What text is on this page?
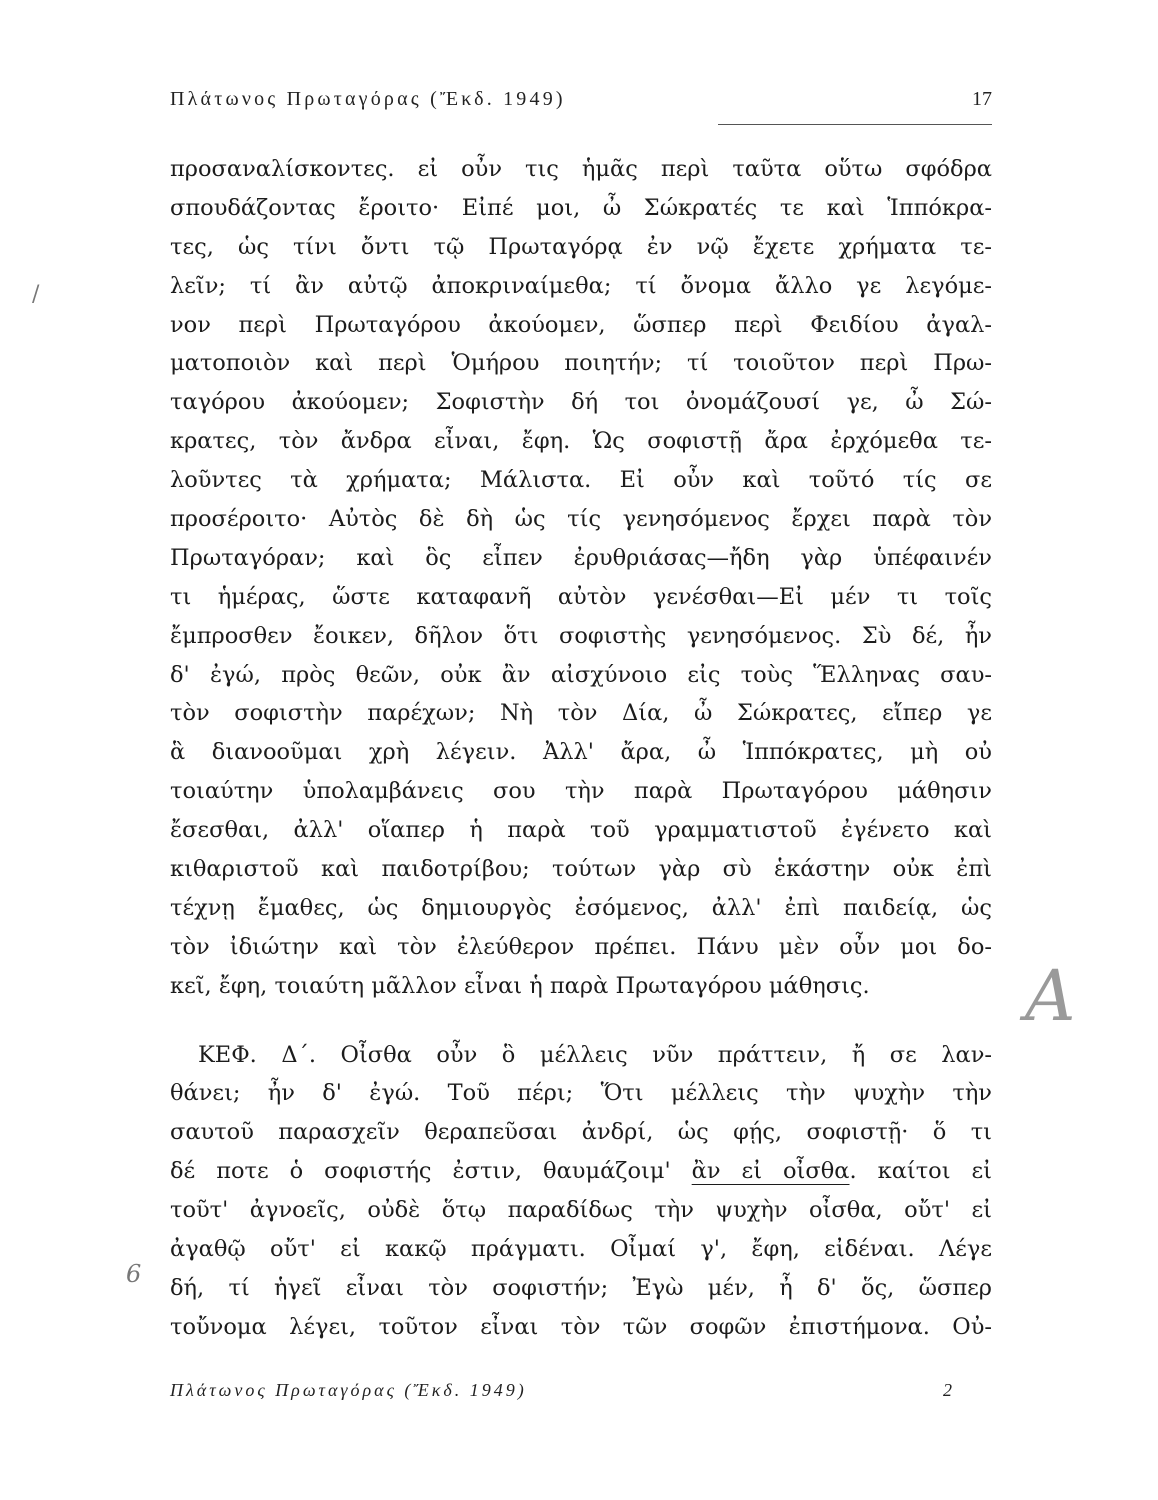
Πλάτωνος Πρωταγόρας (Ἔκδ. 1949)	17
προσαναλίσκοντες. εἰ οὖν τις ἡμᾶς περὶ ταῦτα οὕτω σφόδρα
σπουδάζοντας ἔροιτο· Εἰπέ μοι, ὦ Σώκρατές τε καὶ Ἱππόκρα-
τες, ὡς τίνι ὄντι τῷ Πρωταγόρᾳ ἐν νῷ ἔχετε χρήματα τε-
λεῖν; τί ἂν αὐτῷ ἀποκριναίμεθα; τί ὄνομα ἄλλο γε λεγόμε-
νον περὶ Πρωταγόρου ἀκούομεν, ὥσπερ περὶ Φειδίου ἀγαλ-
ματοποιὸν καὶ περὶ Ὁμήρου ποιητήν; τί τοιοῦτον περὶ Πρω-
ταγόρου ἀκούομεν; Σοφιστὴν δή τοι ὀνομάζουσί γε, ὦ Σώ-
κρατες, τὸν ἄνδρα εἶναι, ἔφη. Ὡς σοφιστῇ ἄρα ἐρχόμεθα τε-
λοῦντες τὰ χρήματα; Μάλιστα. Εἰ οὖν καὶ τοῦτό τίς σε
προσέροιτο· Αὐτὸς δὲ δὴ ὡς τίς γενησόμενος ἔρχει παρὰ τὸν
Πρωταγόραν; καὶ ὃς εἶπεν ἐρυθριάσας—ἤδη γὰρ ὑπέφαινέν
τι ἡμέρας, ὥστε καταφανῆ αὐτὸν γενέσθαι—Εἰ μέν τι τοῖς
ἔμπροσθεν ἔοικεν, δῆλον ὅτι σοφιστὴς γενησόμενος. Σὺ δέ, ἦν
δ' ἐγώ, πρὸς θεῶν, οὐκ ἂν αἰσχύνοιο εἰς τοὺς Ἕλληνας σαυ-
τὸν σοφιστὴν παρέχων; Νὴ τὸν Δία, ὦ Σώκρατες, εἴπερ γε
ἃ διανοοῦμαι χρὴ λέγειν. Ἀλλ' ἄρα, ὦ Ἱππόκρατες, μὴ οὐ
τοιαύτην ὑπολαμβάνεις σου τὴν παρὰ Πρωταγόρου μάθησιν
ἔσεσθαι, ἀλλ' οἵαπερ ἡ παρὰ τοῦ γραμματιστοῦ ἐγένετο καὶ
κιθαριστοῦ καὶ παιδοτρίβου; τούτων γὰρ σὺ ἑκάστην οὐκ ἐπὶ
τέχνῃ ἔμαθες, ὡς δημιουργὸς ἐσόμενος, ἀλλ' ἐπὶ παιδείᾳ, ὡς
τὸν ἰδιώτην καὶ τὸν ἐλεύθερον πρέπει. Πάνυ μὲν οὖν μοι δο-
κεῖ, ἔφη, τοιαύτη μᾶλλον εἶναι ἡ παρὰ Πρωταγόρου μάθησις.
ΚΕΦ. Δ΄. Οἶσθα οὖν ὃ μέλλεις νῦν πράττειν, ἤ σε λαν-
θάνει; ἦν δ' ἐγώ. Τοῦ πέρι; Ὅτι μέλλεις τὴν ψυχὴν τὴν
σαυτοῦ παρασχεῖν θεραπεῦσαι ἀνδρί, ὡς φῄς, σοφιστῇ· ὅ τι
δέ ποτε ὁ σοφιστής ἐστιν, θαυμάζοιμ' ἂν εἰ οἶσθα. καίτοι εἰ
τοῦτ' ἀγνοεῖς, οὐδὲ ὅτῳ παραδίδως τὴν ψυχὴν οἶσθα, οὔτ' εἰ
ἀγαθῷ οὔτ' εἰ κακῷ πράγματι. Οἶμαί γ', ἔφη, εἰδέναι. Λέγε
δή, τί ἡγεῖ εἶναι τὸν σοφιστήν; Ἐγὼ μέν, ἦ δ' ὅς, ὥσπερ
τοὔνομα λέγει, τοῦτον εἶναι τὸν τῶν σοφῶν ἐπιστήμονα. Οὐ-
Πλάτωνος Πρωταγόρας (Ἔκδ. 1949)	2
A
/
6
